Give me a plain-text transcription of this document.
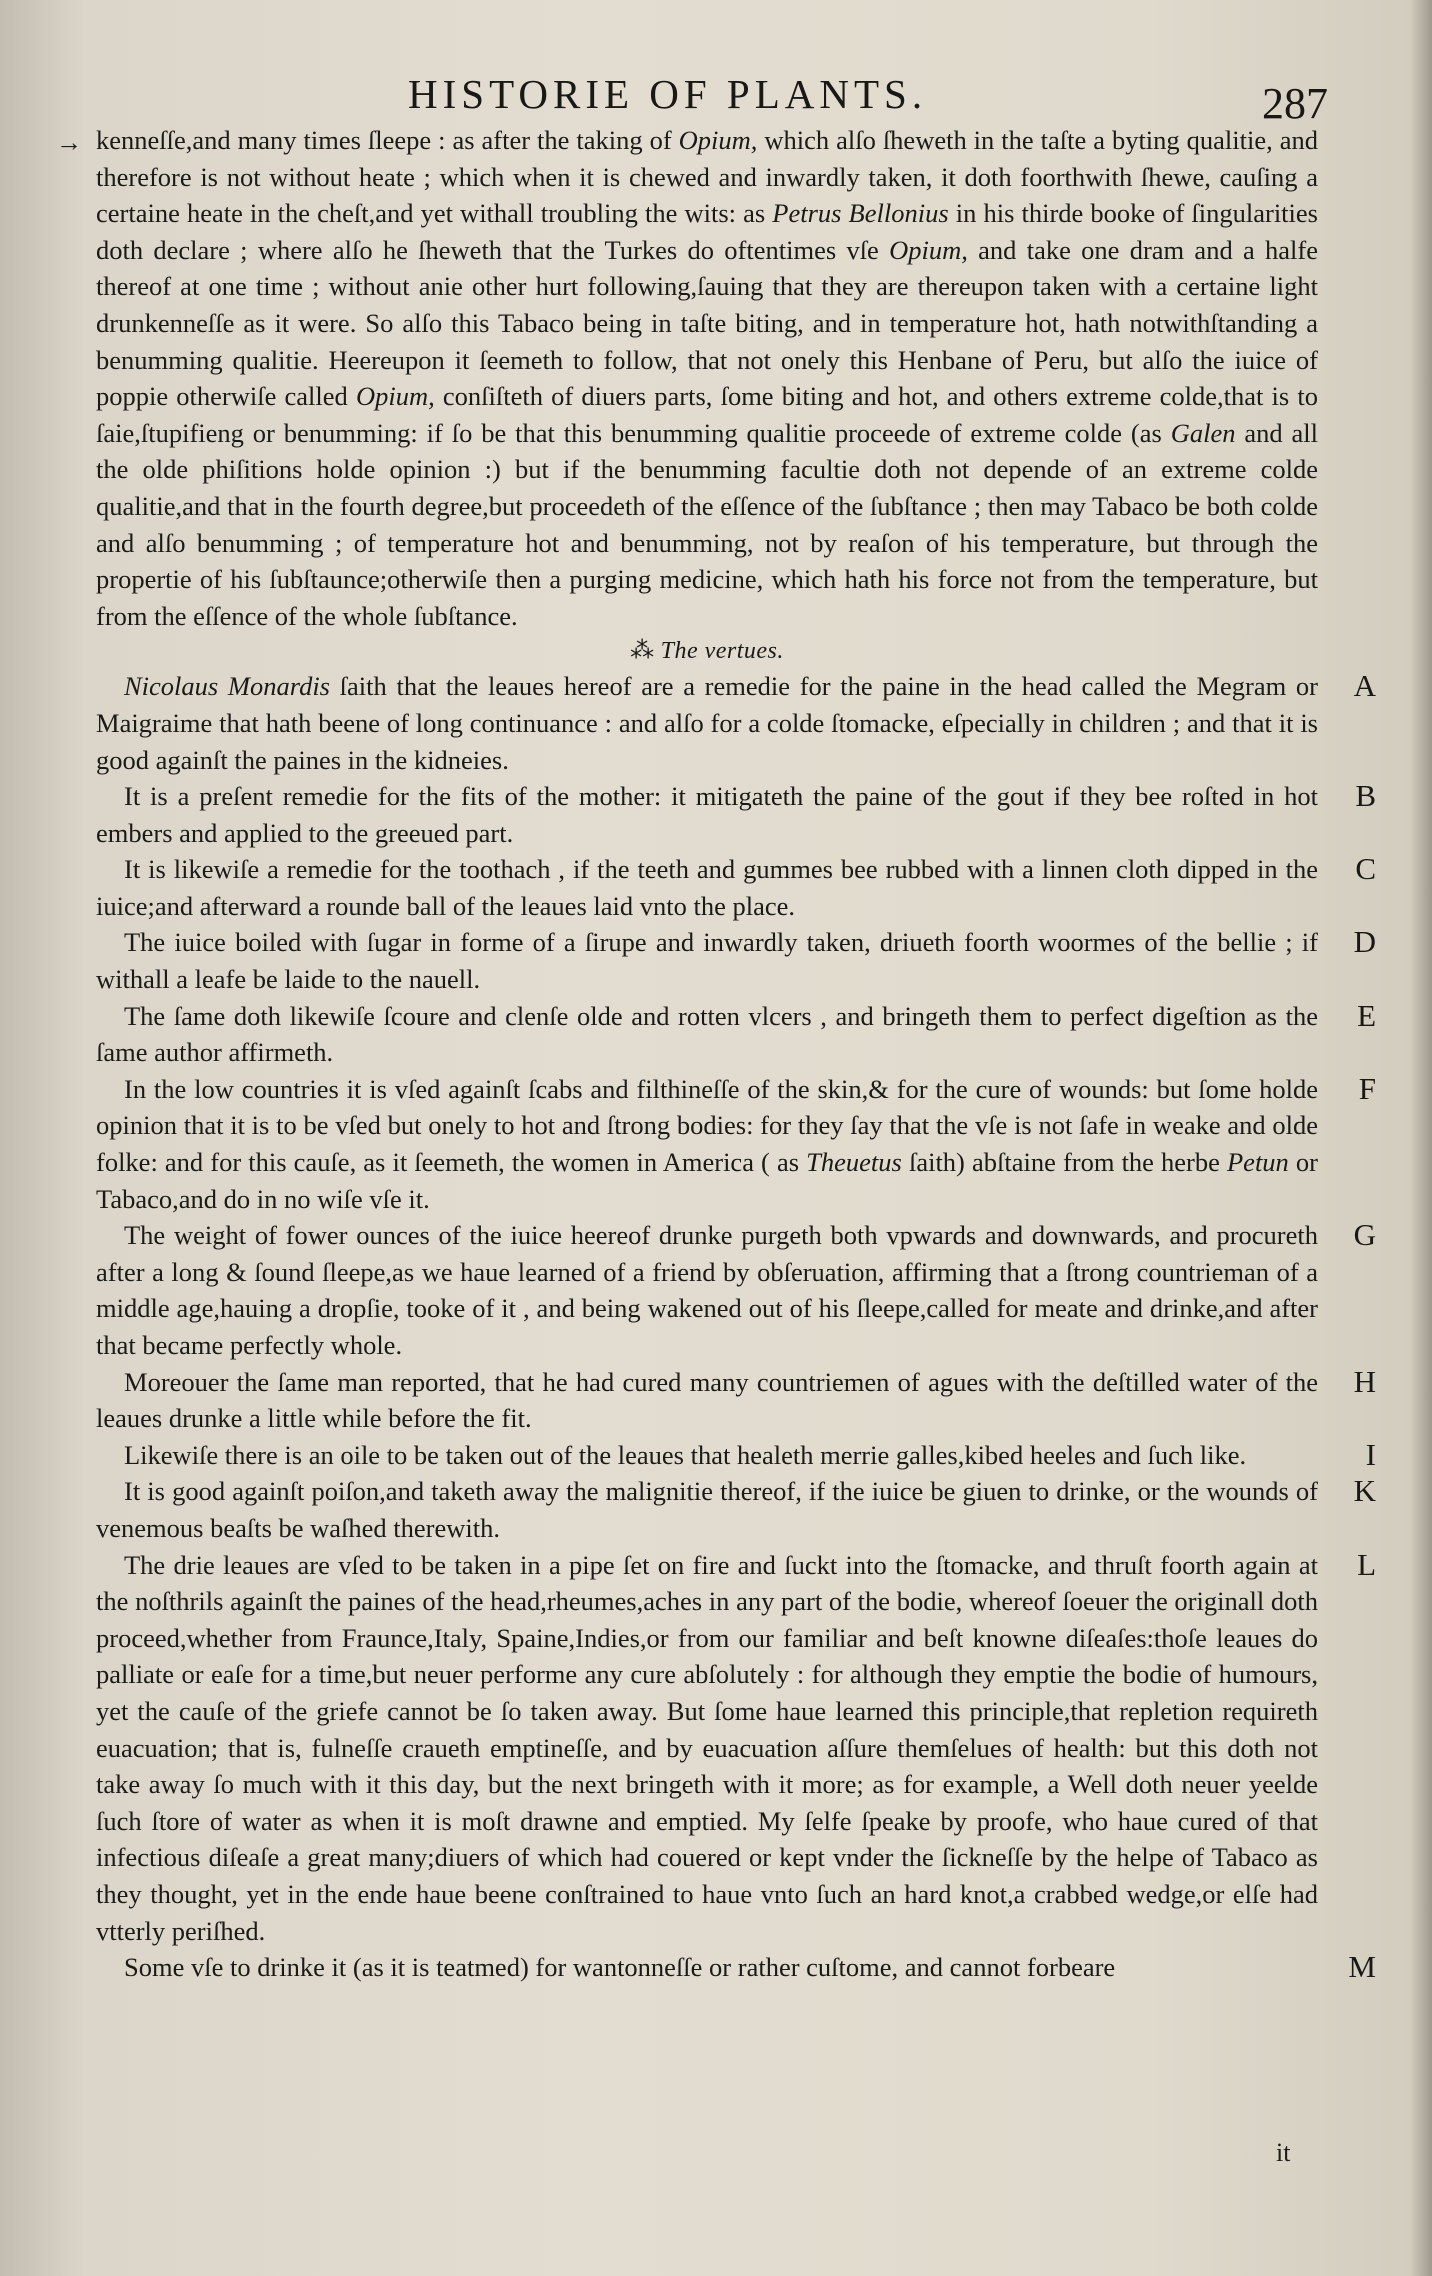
HISTORIE OF PLANTS.	287
→ kenneſſe,and many times ſleepe : as after the taking of Opium, which alſo ſheweth in the taſte a byting qualitie, and therefore is not without heate ; which when it is chewed and inwardly taken, it doth foorthwith ſhewe, cauſing a certaine heate in the cheſt,and yet withall troubling the wits: as Petrus Bellonius in his thirde booke of ſingularities doth declare ; where alſo he ſheweth that the Turkes do oftentimes vſe Opium, and take one dram and a halfe thereof at one time ; without anie other hurt following,ſauing that they are thereupon taken with a certaine light drunkenneſſe as it were. So alſo this Tabaco being in taſte biting, and in temperature hot, hath notwithſtanding a benumming qualitie. Heereupon it ſeemeth to follow, that not onely this Henbane of Peru, but alſo the iuice of poppie otherwiſe called Opium, conſiſteth of diuers parts, ſome biting and hot, and others extreme colde,that is to ſaie,ſtupifieng or benumming: if ſo be that this benumming qualitie proceede of extreme colde (as Galen and all the olde phiſitions holde opinion :) but if the benumming facultie doth not depende of an extreme colde qualitie,and that in the fourth degree,but proceedeth of the eſſence of the ſubſtance ; then may Tabaco be both colde and alſo benumming ; of temperature hot and benumming, not by reaſon of his temperature, but through the propertie of his ſubſtaunce;otherwiſe then a purging medicine, which hath his force not from the temperature, but from the eſſence of the whole ſubſtance.

⁂ The vertues.

Nicolaus Monardis ſaith that the leaues hereof are a remedie for the paine in the head called the Megram or Maigraime that hath beene of long continuance : and alſo for a colde ſtomacke, eſpecially in children ; and that it is good againſt the paines in the kidneies.
A

It is a preſent remedie for the fits of the mother: it mitigateth the paine of the gout if they bee roſted in hot embers and applied to the greeued part.
B

It is likewiſe a remedie for the toothach , if the teeth and gummes bee rubbed with a linnen cloth dipped in the iuice;and afterward a rounde ball of the leaues laid vnto the place.
C

The iuice boiled with ſugar in forme of a ſirupe and inwardly taken, driueth foorth woormes of the bellie ; if withall a leafe be laide to the nauell.
D

The ſame doth likewiſe ſcoure and clenſe olde and rotten vlcers , and bringeth them to perfect digeſtion as the ſame author affirmeth.
E

In the low countries it is vſed againſt ſcabs and filthineſſe of the skin,& for the cure of wounds: but ſome holde opinion that it is to be vſed but onely to hot and ſtrong bodies: for they ſay that the vſe is not ſafe in weake and olde folke: and for this cauſe, as it ſeemeth, the women in America ( as Theuetus ſaith) abſtaine from the herbe Petun or Tabaco,and do in no wiſe vſe it.
F

The weight of fower ounces of the iuice heereof drunke purgeth both vpwards and downwards, and procureth after a long & ſound ſleepe,as we haue learned of a friend by obſeruation, affirming that a ſtrong countrieman of a middle age,hauing a dropſie, tooke of it , and being wakened out of his ſleepe,called for meate and drinke,and after that became perfectly whole.
G

Moreouer the ſame man reported, that he had cured many countriemen of agues with the deſtilled water of the leaues drunke a little while before the fit.
H

Likewiſe there is an oile to be taken out of the leaues that healeth merrie galles,kibed heeles and ſuch like.	I

It is good againſt poiſon,and taketh away the malignitie thereof, if the iuice be giuen to drinke, or the wounds of venemous beaſts be waſhed therewith.
K

The drie leaues are vſed to be taken in a pipe ſet on fire and ſuckt into the ſtomacke, and thruſt foorth again at the noſthrils againſt the paines of the head,rheumes,aches in any part of the bodie, whereof ſoeuer the originall doth proceed,whether from Fraunce,Italy, Spaine,Indies,or from our familiar and beſt knowne diſeaſes:thoſe leaues do palliate or eaſe for a time,but neuer performe any cure abſolutely : for although they emptie the bodie of humours, yet the cauſe of the griefe cannot be ſo taken away. But ſome haue learned this principle,that repletion requireth euacuation; that is, fulneſſe craueth emptineſſe, and by euacuation aſſure themſelues of health: but this doth not take away ſo much with it this day, but the next bringeth with it more; as for example, a Well doth neuer yeelde ſuch ſtore of water as when it is moſt drawne and emptied. My ſelfe ſpeake by proofe, who haue cured of that infectious diſeaſe a great many;diuers of which had couered or kept vnder the ſickneſſe by the helpe of Tabaco as they thought, yet in the ende haue beene conſtrained to haue vnto ſuch an hard knot,a crabbed wedge,or elſe had vtterly periſhed.
L

Some vſe to drinke it (as it is teatmed) for wantonneſſe or rather cuſtome, and cannot forbeare	M

it
